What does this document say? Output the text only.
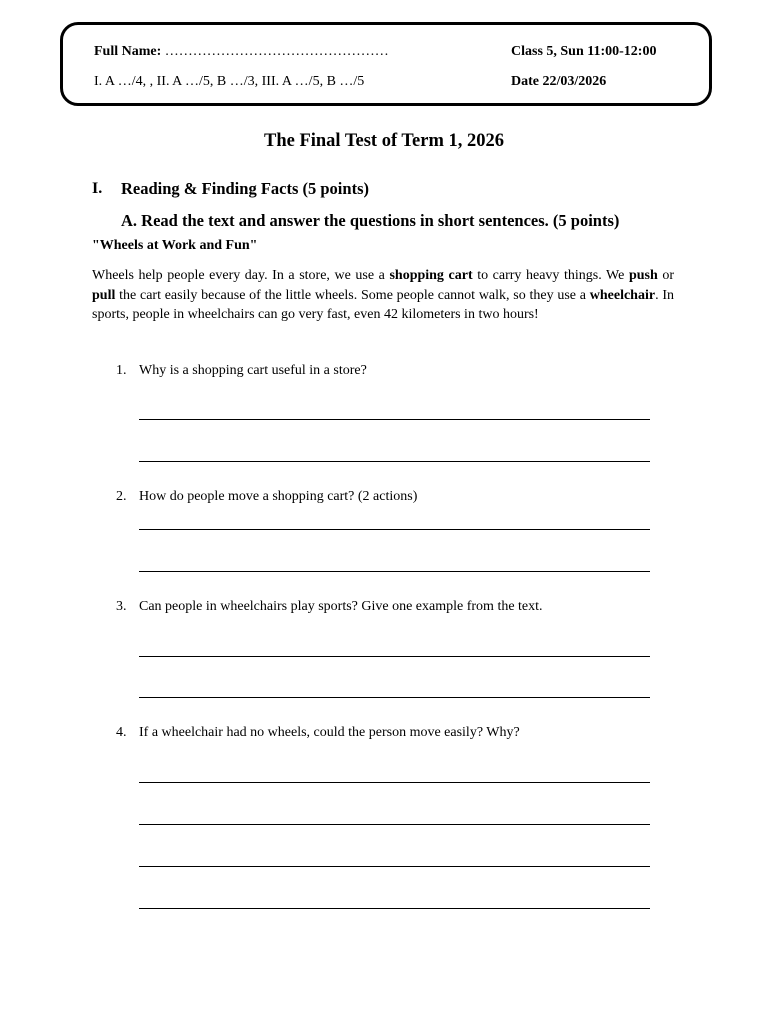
Full Name: …………………………………………
I. A …/4, , II. A …/5, B …/3, III. A …/5, B …/5
Class 5, Sun 11:00-12:00
Date 22/03/2026
The Final Test of Term 1, 2026
I. Reading & Finding Facts (5 points)
A. Read the text and answer the questions in short sentences. (5 points)
"Wheels at Work and Fun"
Wheels help people every day. In a store, we use a shopping cart to carry heavy things. We push or pull the cart easily because of the little wheels. Some people cannot walk, so they use a wheelchair. In sports, people in wheelchairs can go very fast, even 42 kilometers in two hours!
1. Why is a shopping cart useful in a store?
2. How do people move a shopping cart? (2 actions)
3. Can people in wheelchairs play sports? Give one example from the text.
4. If a wheelchair had no wheels, could the person move easily? Why?
